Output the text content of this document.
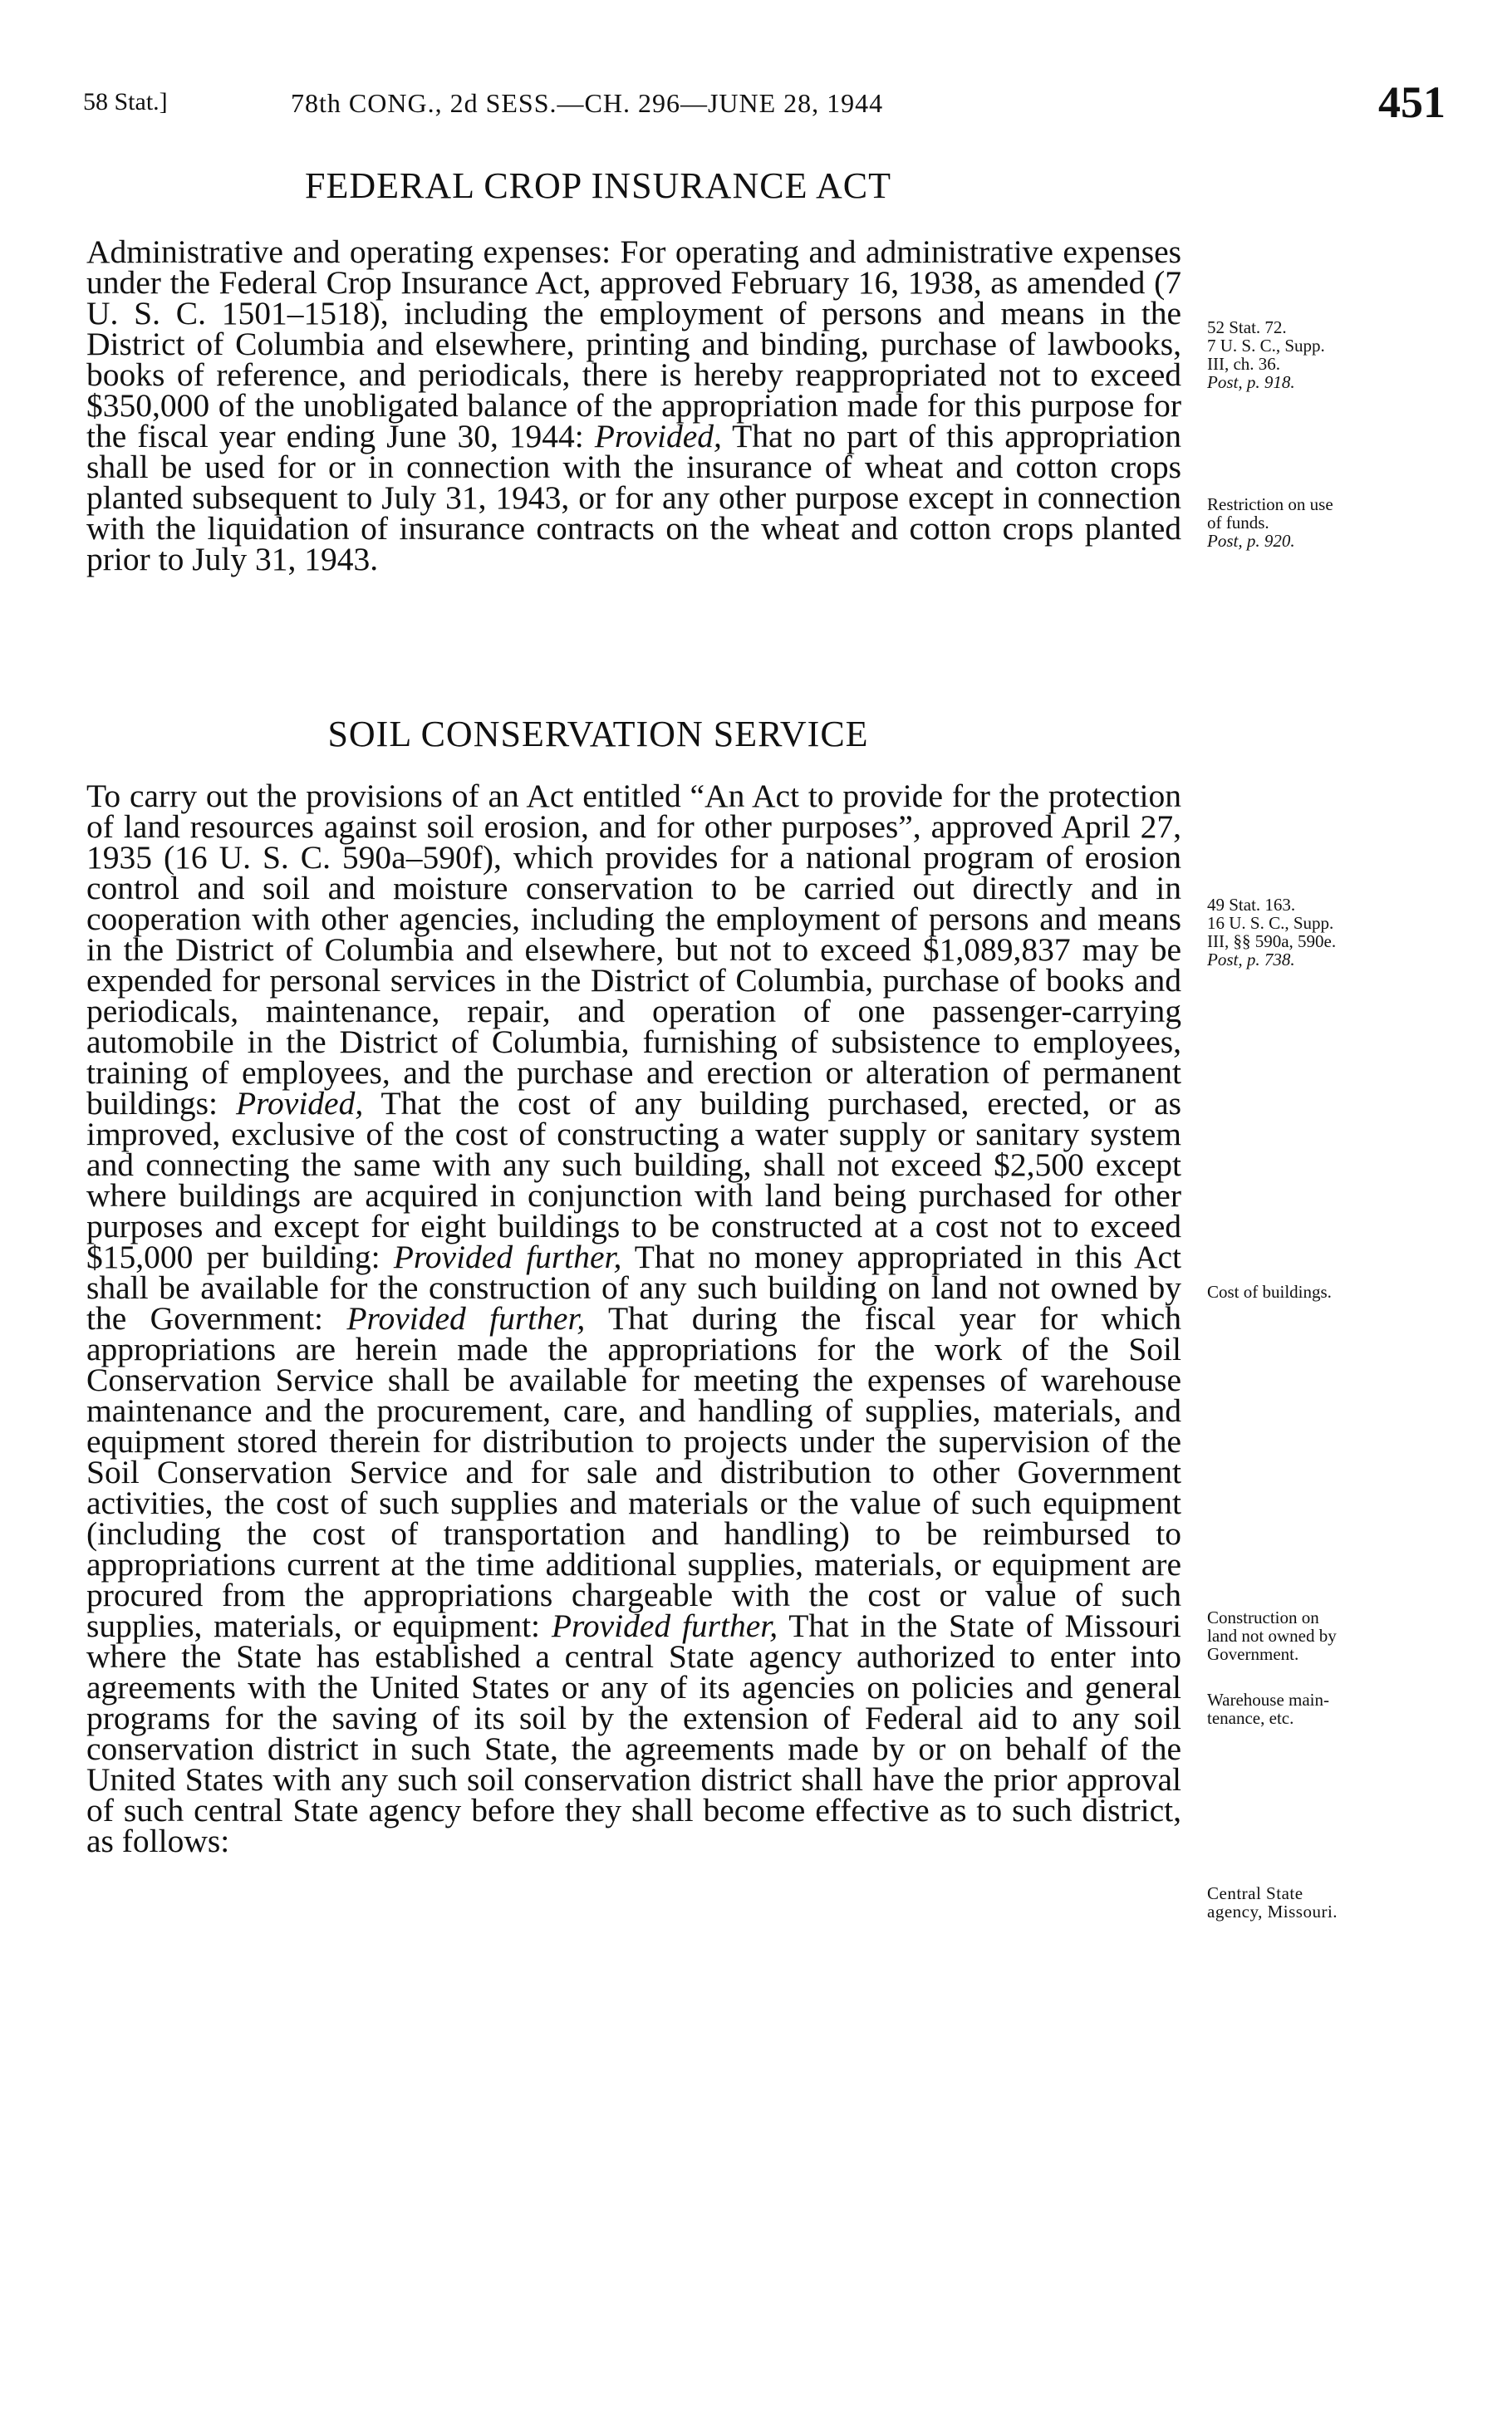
58 Stat.]	78th CONG., 2d SESS.—CH. 296—JUNE 28, 1944	451
FEDERAL CROP INSURANCE ACT

Administrative and operating expenses: For operating and administrative expenses under the Federal Crop Insurance Act, approved February 16, 1938, as amended (7 U. S. C. 1501–1518), including the employment of persons and means in the District of Columbia and elsewhere, printing and binding, purchase of lawbooks, books of reference, and periodicals, there is hereby reappropriated not to exceed $350,000 of the unobligated balance of the appropriation made for this purpose for the fiscal year ending June 30, 1944: Provided, That no part of this appropriation shall be used for or in connection with the insurance of wheat and cotton crops planted subsequent to July 31, 1943, or for any other purpose except in connection with the liquidation of insurance contracts on the wheat and cotton crops planted prior to July 31, 1943.

52 Stat. 72.
7 U. S. C., Supp.
III, ch. 36.
Post, p. 918.
Restriction on use
of funds.
Post, p. 920.
SOIL CONSERVATION SERVICE

To carry out the provisions of an Act entitled “An Act to provide for the protection of land resources against soil erosion, and for other purposes”, approved April 27, 1935 (16 U. S. C. 590a–590f), which provides for a national program of erosion control and soil and moisture conservation to be carried out directly and in cooperation with other agencies, including the employment of persons and means in the District of Columbia and elsewhere, but not to exceed $1,089,837 may be expended for personal services in the District of Columbia, purchase of books and periodicals, maintenance, repair, and operation of one passenger-carrying automobile in the District of Columbia, furnishing of subsistence to employees, training of employees, and the purchase and erection or alteration of permanent buildings: Provided, That the cost of any building purchased, erected, or as improved, exclusive of the cost of constructing a water supply or sanitary system and connecting the same with any such building, shall not exceed $2,500 except where buildings are acquired in conjunction with land being purchased for other purposes and except for eight buildings to be constructed at a cost not to exceed $15,000 per building: Provided further, That no money appropriated in this Act shall be available for the construction of any such building on land not owned by the Government: Provided further, That during the fiscal year for which appropriations are herein made the appropriations for the work of the Soil Conservation Service shall be available for meeting the expenses of warehouse maintenance and the procurement, care, and handling of supplies, materials, and equipment stored therein for distribution to projects under the supervision of the Soil Conservation Service and for sale and distribution to other Government activities, the cost of such supplies and materials or the value of such equipment (including the cost of transportation and handling) to be reimbursed to appropriations current at the time additional supplies, materials, or equipment are procured from the appropriations chargeable with the cost or value of such supplies, materials, or equipment: Provided further, That in the State of Missouri where the State has established a central State agency authorized to enter into agreements with the United States or any of its agencies on policies and general programs for the saving of its soil by the extension of Federal aid to any soil conservation district in such State, the agreements made by or on behalf of the United States with any such soil conservation district shall have the prior approval of such central State agency before they shall become effective as to such district, as follows:

49 Stat. 163.
16 U. S. C., Supp.
III, §§ 590a, 590e.
Post, p. 738.
Cost of buildings.
Construction on
land not owned by
Government.
Warehouse main-
tenance, etc.
Central State
agency, Missouri.
